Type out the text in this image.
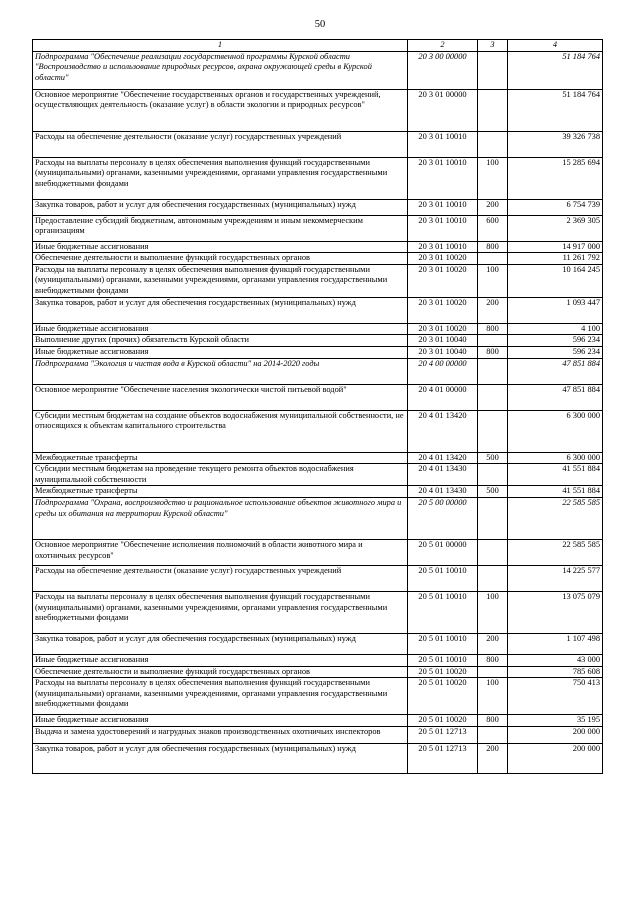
50
1	2	3	4
Подпрограмма "Обеспечение реализации государственной программы Курской области "Воспроизводство и использование природных ресурсов, охрана окружающей среды в Курской области"	20 3 00 00000		51 184 764
Основное мероприятие "Обеспечение государственных органов и государственных учреждений, осуществляющих деятельность (оказание услуг) в области экологии и природных ресурсов"	20 3 01 00000		51 184 764
Расходы на обеспечение деятельности (оказание услуг) государственных учреждений	20 3 01 10010		39 326 738
Расходы на выплаты персоналу в целях обеспечения выполнения функций государственными (муниципальными) органами, казенными учреждениями, органами управления государственными внебюджетными фондами	20 3 01 10010	100	15 285 694
Закупка товаров, работ и услуг для обеспечения государственных (муниципальных) нужд	20 3 01 10010	200	6 754 739
Предоставление субсидий бюджетным, автономным учреждениям и иным некоммерческим организациям	20 3 01 10010	600	2 369 305
Иные бюджетные ассигнования	20 3 01 10010	800	14 917 000
Обеспечение деятельности и выполнение функций государственных органов	20 3 01 10020		11 261 792
Расходы на выплаты персоналу в целях обеспечения выполнения функций государственными (муниципальными) органами, казенными учреждениями, органами управления государственными внебюджетными фондами	20 3 01 10020	100	10 164 245
Закупка товаров, работ и услуг для обеспечения государственных (муниципальных) нужд	20 3 01 10020	200	1 093 447
Иные бюджетные ассигнования	20 3 01 10020	800	4 100
Выполнение других (прочих) обязательств Курской области	20 3 01 10040		596 234
Иные бюджетные ассигнования	20 3 01 10040	800	596 234
Подпрограмма "Экология и чистая вода в Курской области" на 2014-2020 годы	20 4 00 00000		47 851 884
Основное мероприятие "Обеспечение населения экологически чистой питьевой водой"	20 4 01 00000		47 851 884
Субсидии местным бюджетам на создание объектов водоснабжения муниципальной собственности, не относящихся к объектам капитального строительства	20 4 01 13420		6 300 000
Межбюджетные трансферты	20 4 01 13420	500	6 300 000
Субсидии местным бюджетам на проведение текущего ремонта объектов водоснабжения муниципальной собственности	20 4 01 13430		41 551 884
Межбюджетные трансферты	20 4 01 13430	500	41 551 884
Подпрограмма "Охрана, воспроизводство и рациональное использование объектов животного мира и среды их обитания на территории Курской области"	20 5 00 00000		22 585 585
Основное мероприятие "Обеспечение исполнения полномочий в области животного мира и охотничьих ресурсов"	20 5 01 00000		22 585 585
Расходы на обеспечение деятельности (оказание услуг) государственных учреждений	20 5 01 10010		14 225 577
Расходы на выплаты персоналу в целях обеспечения выполнения функций государственными (муниципальными) органами, казенными учреждениями, органами управления государственными внебюджетными фондами	20 5 01 10010	100	13 075 079
Закупка товаров, работ и услуг для обеспечения государственных (муниципальных) нужд	20 5 01 10010	200	1 107 498
Иные бюджетные ассигнования	20 5 01 10010	800	43 000
Обеспечение деятельности и выполнение функций государственных органов	20 5 01 10020		785 608
Расходы на выплаты персоналу в целях обеспечения выполнения функций государственными (муниципальными) органами, казенными учреждениями, органами управления государственными внебюджетными фондами	20 5 01 10020	100	750 413
Иные бюджетные ассигнования	20 5 01 10020	800	35 195
Выдача и замена удостоверений и нагрудных знаков производственных охотничьих инспекторов	20 5 01 12713		200 000
Закупка товаров, работ и услуг для обеспечения государственных (муниципальных) нужд	20 5 01 12713	200	200 000
